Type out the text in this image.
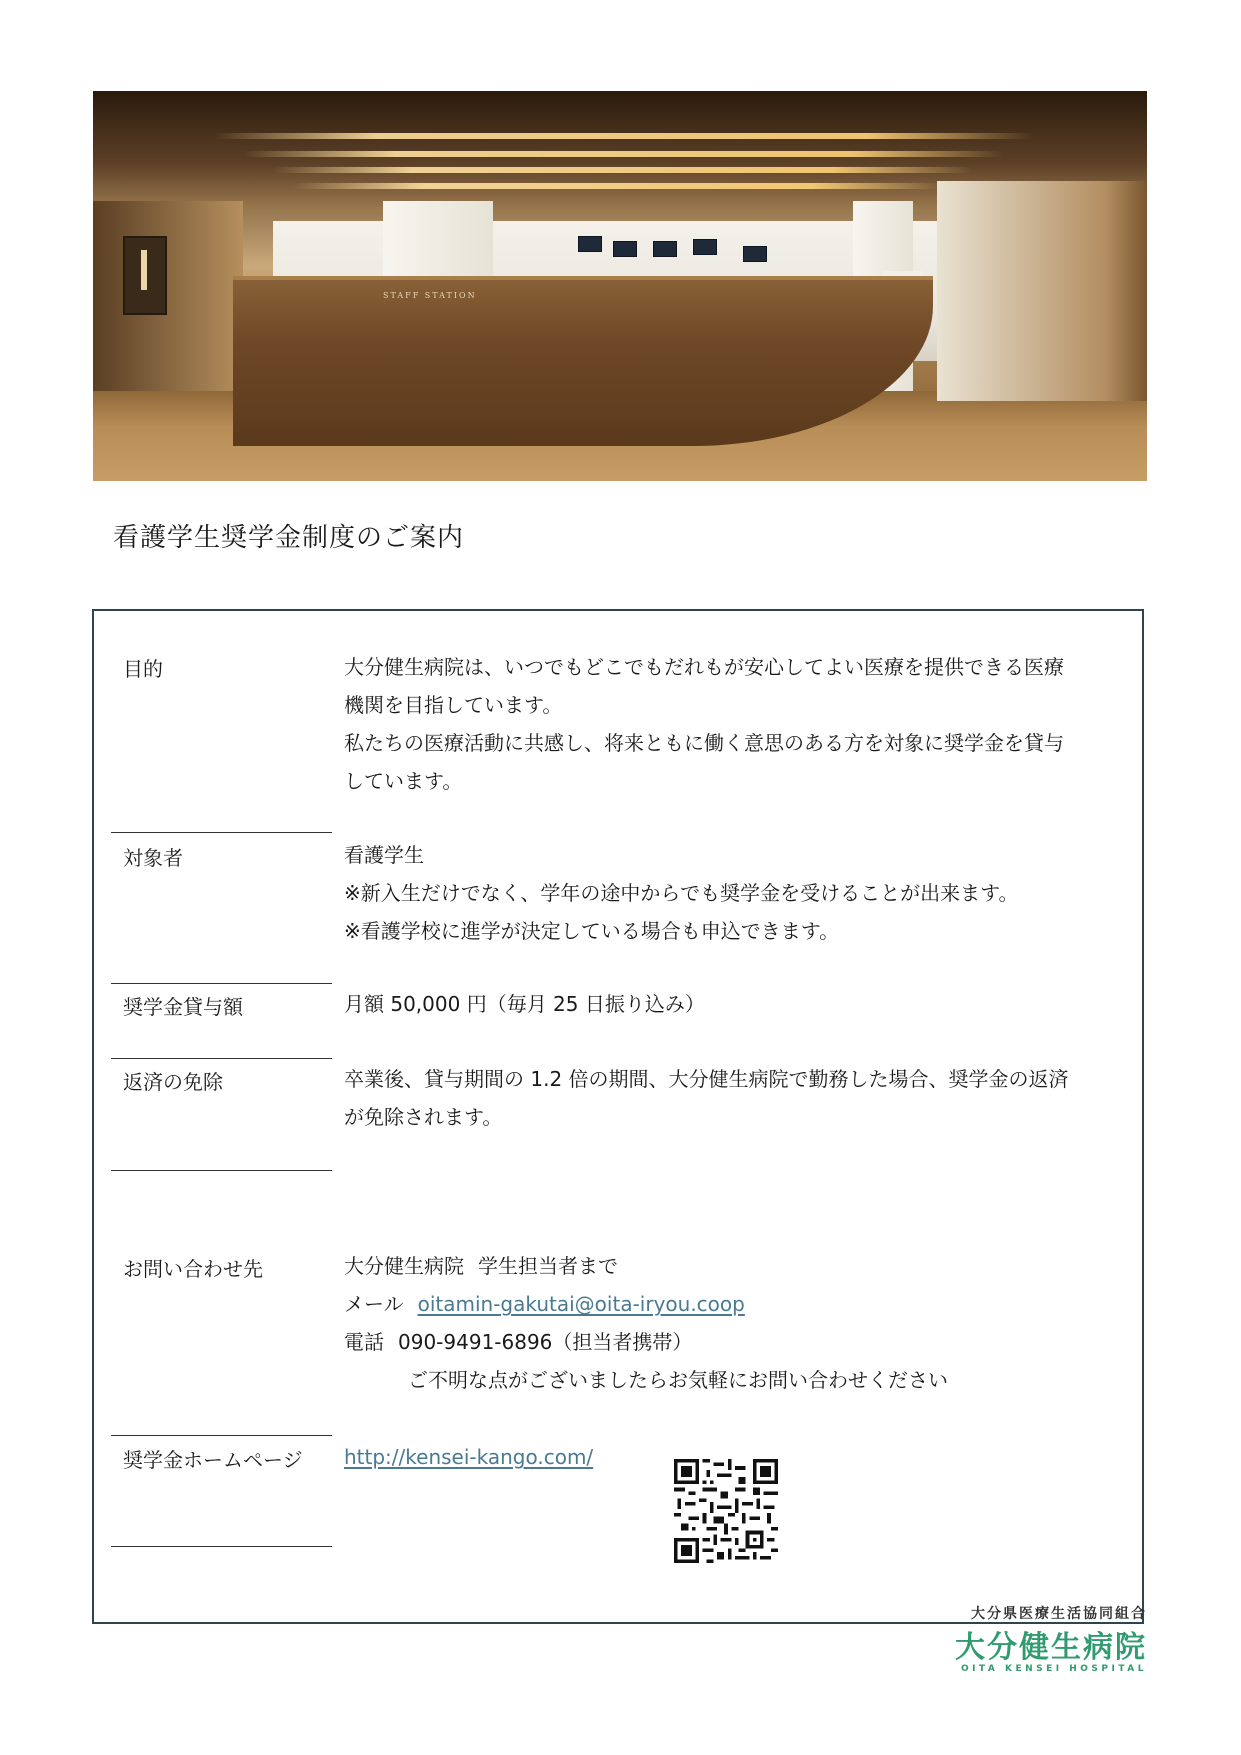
STAFF STATION
看護学生奨学金制度のご案内
目的	大分健生病院は、いつでもどこでもだれもが安心してよい医療を提供できる医療

機関を目指しています。

私たちの医療活動に共感し、将来ともに働く意思のある方を対象に奨学金を貸与

しています。

対象者	看護学生

※新入生だけでなく、学年の途中からでも奨学金を受けることが出来ます。

※看護学校に進学が決定している場合も申込できます。

奨学金貸与額	月額 50,000 円（毎月 25 日振り込み）

返済の免除	卒業後、貸与期間の 1.2 倍の期間、大分健生病院で勤務した場合、奨学金の返済

が免除されます。

お問い合わせ先	大分健生病院 学生担当者まで

メール oitamin-gakutai@oita-iryou.coop

電話 090-9491-6896（担当者携帯）

ご不明な点がございましたらお気軽にお問い合わせください

奨学金ホームページ http://kensei-kango.com/

大分県医療生活協同組合
大分健生病院
OITA KENSEI HOSPITAL
